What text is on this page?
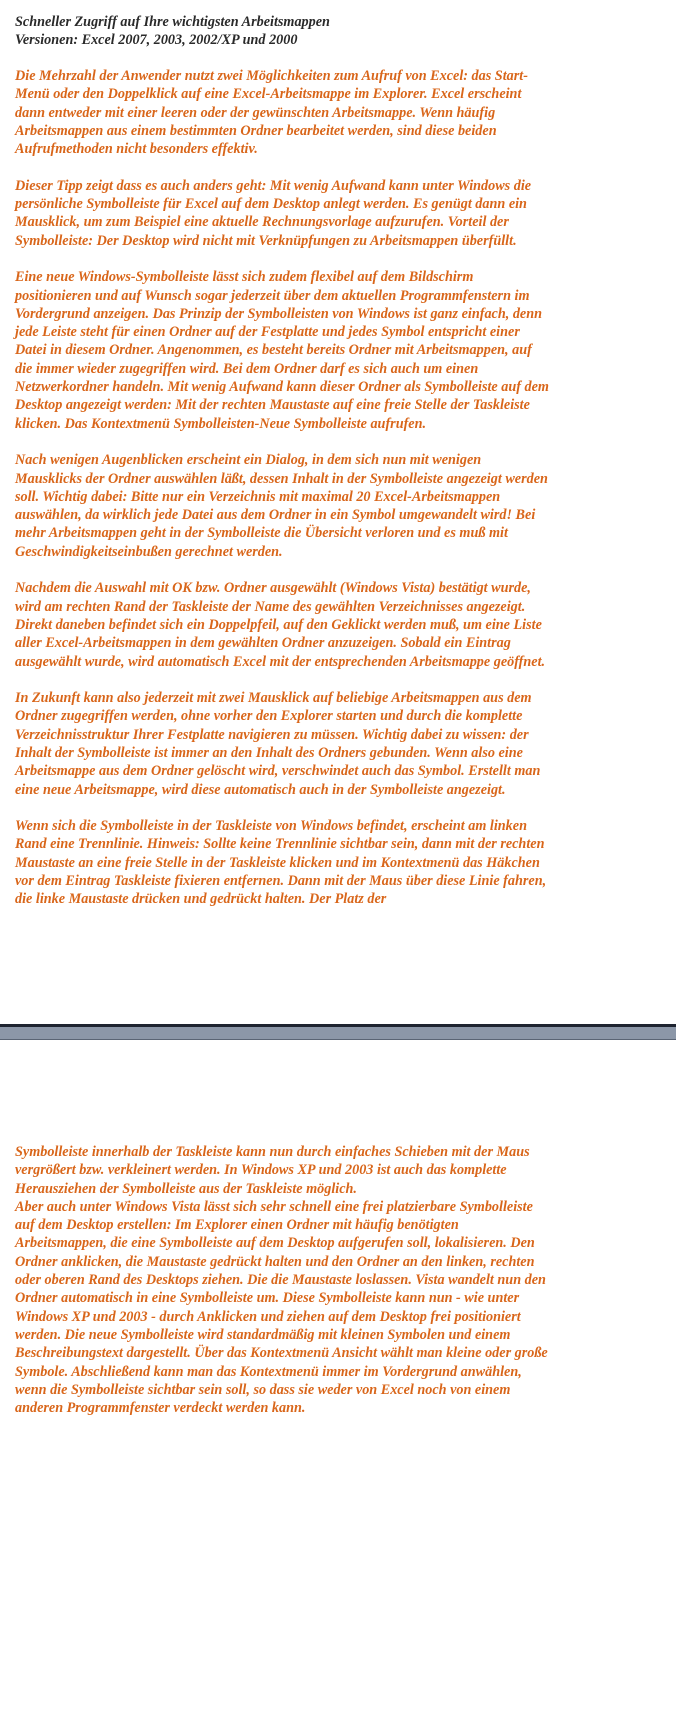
Schneller Zugriff auf Ihre wichtigsten Arbeitsmappen

Versionen: Excel 2007, 2003, 2002/XP und 2000

Die Mehrzahl der Anwender nutzt zwei Möglichkeiten zum Aufruf von Excel: das Start-
Menü oder den Doppelklick auf eine Excel-Arbeitsmappe im Explorer. Excel erscheint
dann entweder mit einer leeren oder der gewünschten Arbeitsmappe. Wenn häufig
Arbeitsmappen aus einem bestimmten Ordner bearbeitet werden, sind diese beiden
Aufrufmethoden nicht besonders effektiv.

Dieser Tipp zeigt dass es auch anders geht: Mit wenig Aufwand kann unter Windows die
persönliche Symbolleiste für Excel auf dem Desktop anlegt werden. Es genügt dann ein
Mausklick, um zum Beispiel eine aktuelle Rechnungsvorlage aufzurufen. Vorteil der
Symbolleiste: Der Desktop wird nicht mit Verknüpfungen zu Arbeitsmappen überfüllt.

Eine neue Windows-Symbolleiste lässt sich zudem flexibel auf dem Bildschirm
positionieren und auf Wunsch sogar jederzeit über dem aktuellen Programmfenstern im
Vordergrund anzeigen. Das Prinzip der Symbolleisten von Windows ist ganz einfach, denn
jede Leiste steht für einen Ordner auf der Festplatte und jedes Symbol entspricht einer
Datei in diesem Ordner. Angenommen, es besteht bereits Ordner mit Arbeitsmappen, auf
die immer wieder zugegriffen wird. Bei dem Ordner darf es sich auch um einen
Netzwerkordner handeln. Mit wenig Aufwand kann dieser Ordner als Symbolleiste auf dem
Desktop angezeigt werden: Mit der rechten Maustaste auf eine freie Stelle der Taskleiste
klicken. Das Kontextmenü Symbolleisten-Neue Symbolleiste aufrufen.

Nach wenigen Augenblicken erscheint ein Dialog, in dem sich nun mit wenigen
Mausklicks der Ordner auswählen läßt, dessen Inhalt in der Symbolleiste angezeigt werden
soll. Wichtig dabei: Bitte nur ein Verzeichnis mit maximal 20 Excel-Arbeitsmappen
auswählen, da wirklich jede Datei aus dem Ordner in ein Symbol umgewandelt wird! Bei
mehr Arbeitsmappen geht in der Symbolleiste die Übersicht verloren und es muß mit
Geschwindigkeitseinbußen gerechnet werden.

Nachdem die Auswahl mit OK bzw. Ordner ausgewählt (Windows Vista) bestätigt wurde,
wird am rechten Rand der Taskleiste der Name des gewählten Verzeichnisses angezeigt.
Direkt daneben befindet sich ein Doppelpfeil, auf den Geklickt werden muß, um eine Liste
aller Excel-Arbeitsmappen in dem gewählten Ordner anzuzeigen. Sobald ein Eintrag
ausgewählt wurde, wird automatisch Excel mit der entsprechenden Arbeitsmappe geöffnet.

In Zukunft kann also jederzeit mit zwei Mausklick auf beliebige Arbeitsmappen aus dem
Ordner zugegriffen werden, ohne vorher den Explorer starten und durch die komplette
Verzeichnisstruktur Ihrer Festplatte navigieren zu müssen. Wichtig dabei zu wissen: der
Inhalt der Symbolleiste ist immer an den Inhalt des Ordners gebunden. Wenn also eine
Arbeitsmappe aus dem Ordner gelöscht wird, verschwindet auch das Symbol. Erstellt man
eine neue Arbeitsmappe, wird diese automatisch auch in der Symbolleiste angezeigt.

Wenn sich die Symbolleiste in der Taskleiste von Windows befindet, erscheint am linken
Rand eine Trennlinie. Hinweis: Sollte keine Trennlinie sichtbar sein, dann mit der rechten
Maustaste an eine freie Stelle in der Taskleiste klicken und im Kontextmenü das Häkchen
vor dem Eintrag Taskleiste fixieren entfernen. Dann mit der Maus über diese Linie fahren,
die linke Maustaste drücken und gedrückt halten. Der Platz der

Symbolleiste innerhalb der Taskleiste kann nun durch einfaches Schieben mit der Maus
vergrößert bzw. verkleinert werden. In Windows XP und 2003 ist auch das komplette
Herausziehen der Symbolleiste aus der Taskleiste möglich.
Aber auch unter Windows Vista lässt sich sehr schnell eine frei platzierbare Symbolleiste
auf dem Desktop erstellen: Im Explorer einen Ordner mit häufig benötigten
Arbeitsmappen, die eine Symbolleiste auf dem Desktop aufgerufen soll, lokalisieren. Den
Ordner anklicken, die Maustaste gedrückt halten und den Ordner an den linken, rechten
oder oberen Rand des Desktops ziehen. Die die Maustaste loslassen. Vista wandelt nun den
Ordner automatisch in eine Symbolleiste um. Diese Symbolleiste kann nun - wie unter
Windows XP und 2003 - durch Anklicken und ziehen auf dem Desktop frei positioniert
werden. Die neue Symbolleiste wird standardmäßig mit kleinen Symbolen und einem
Beschreibungstext dargestellt. Über das Kontextmenü Ansicht wählt man kleine oder große
Symbole. Abschließend kann man das Kontextmenü immer im Vordergrund anwählen,
wenn die Symbolleiste sichtbar sein soll, so dass sie weder von Excel noch von einem
anderen Programmfenster verdeckt werden kann.
